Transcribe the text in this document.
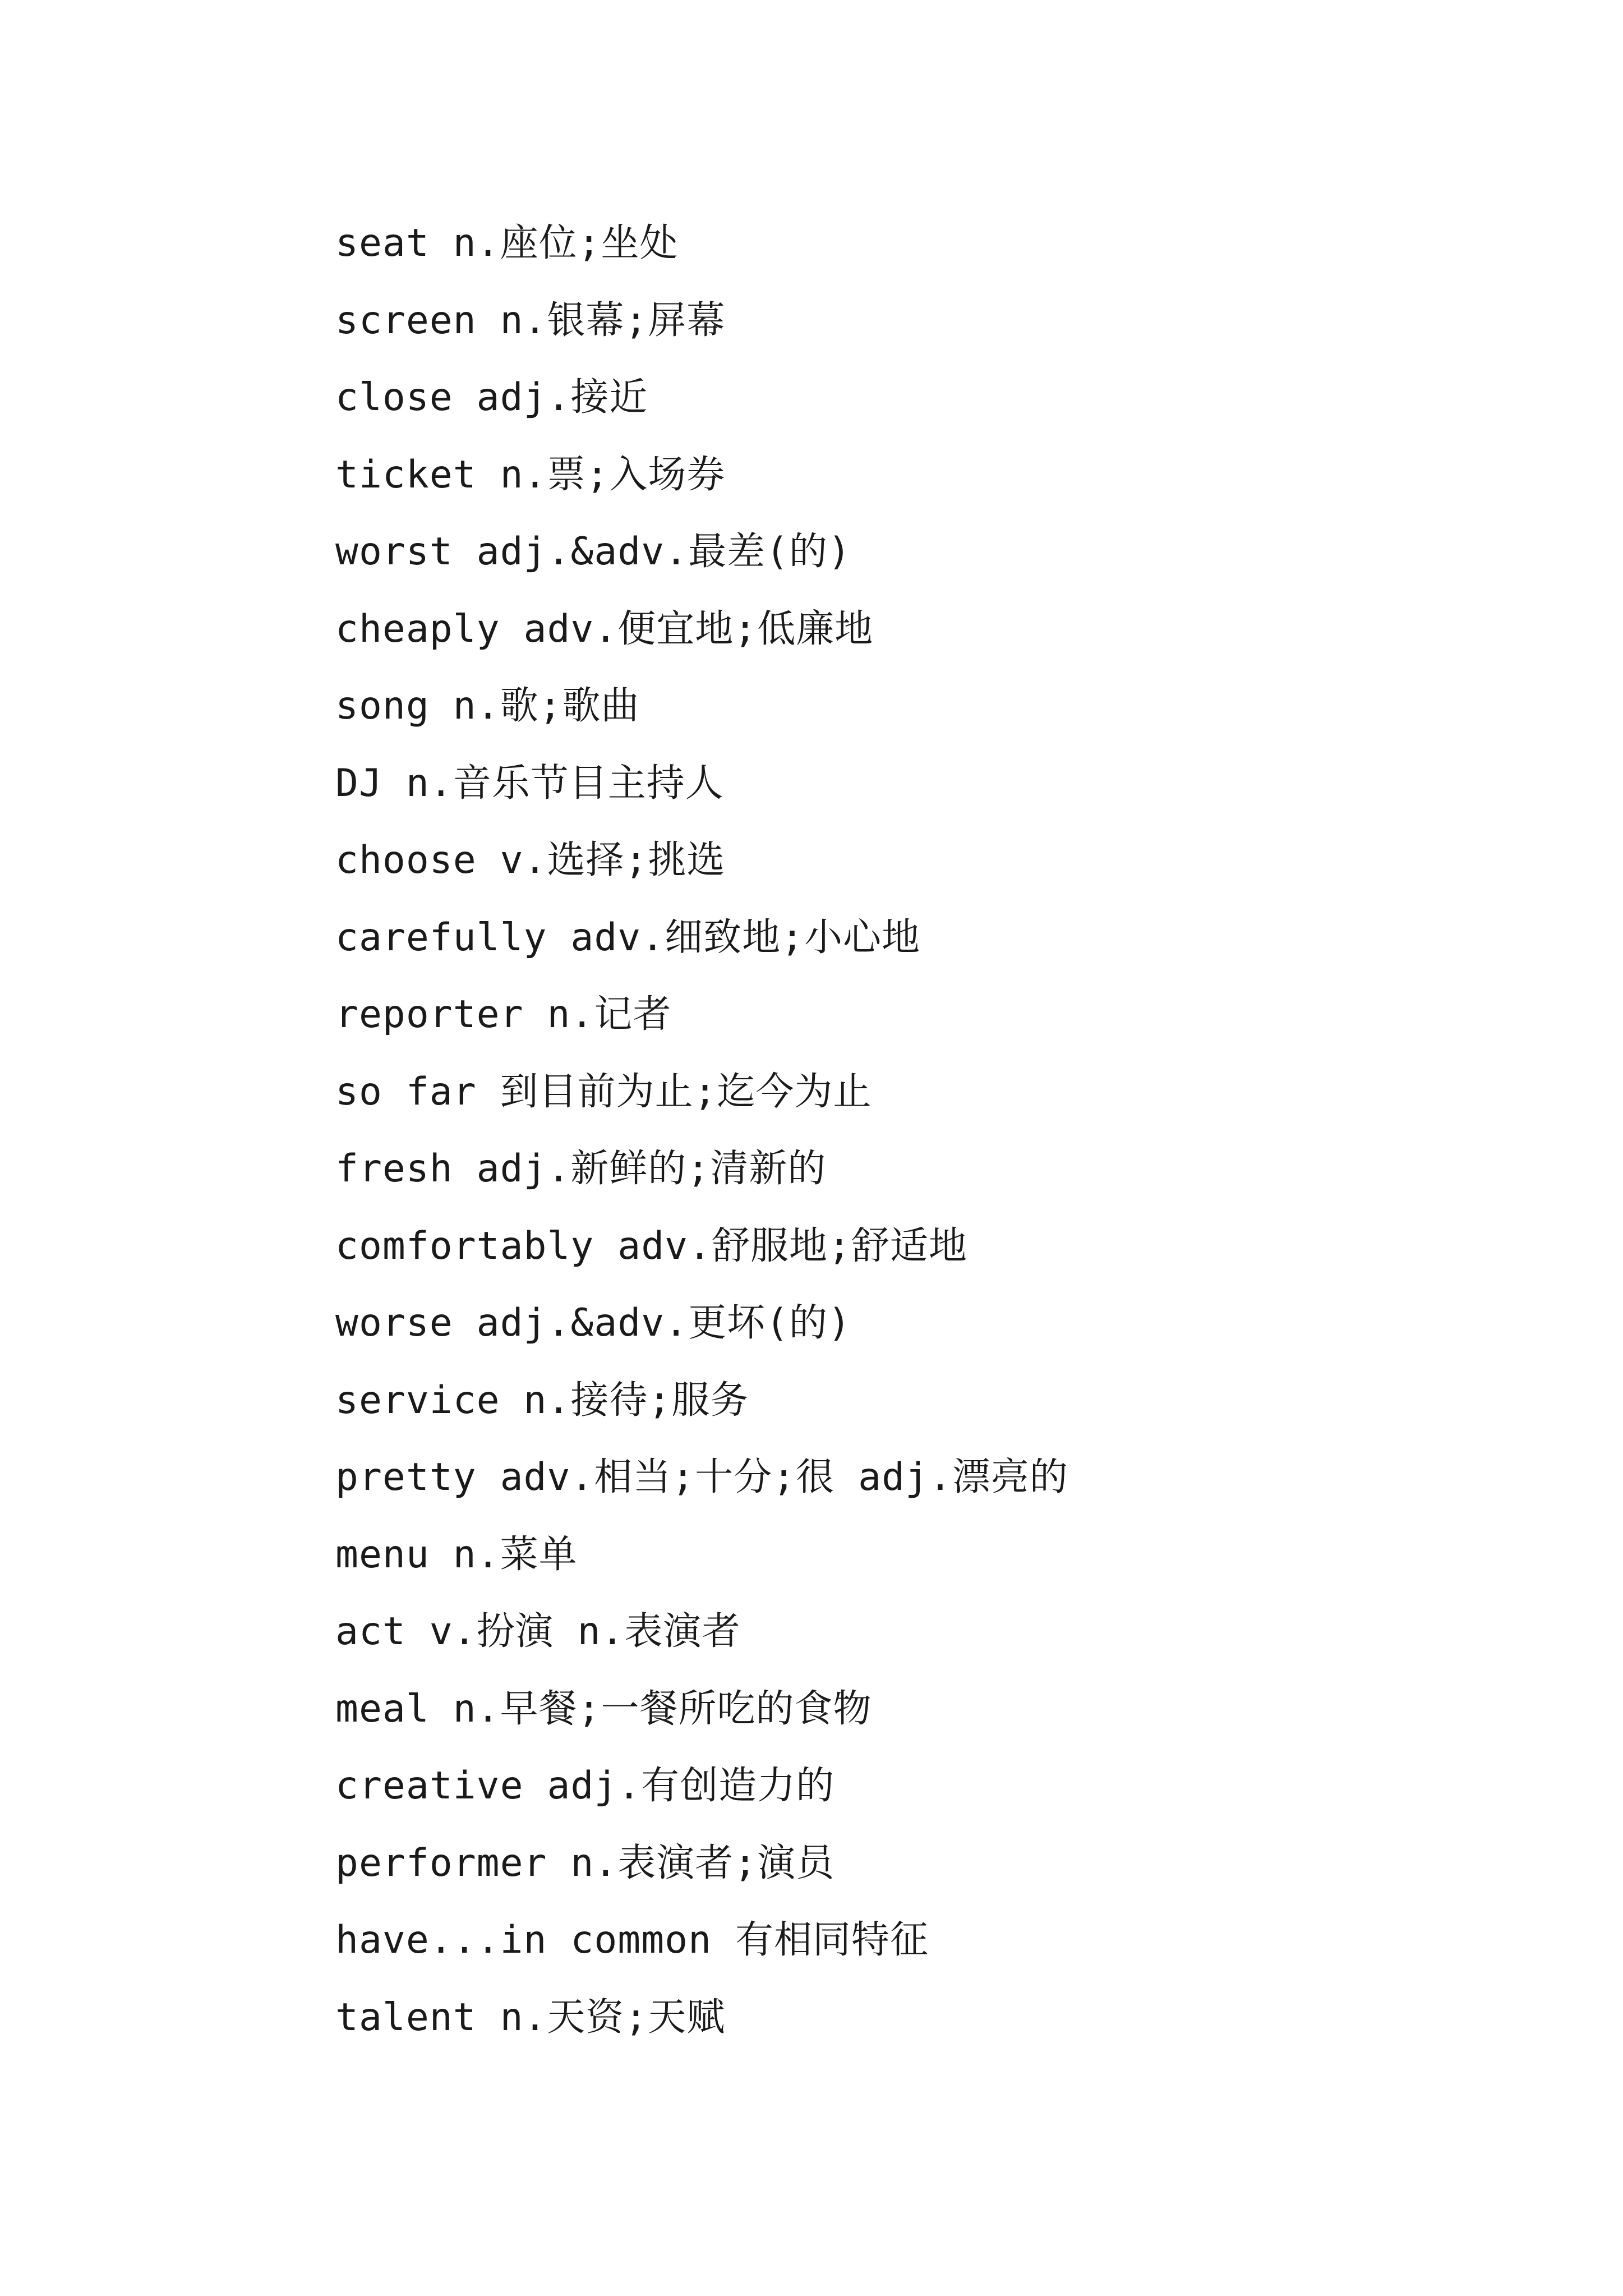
seat n.座位;坐处
screen n.银幕;屏幕
close adj.接近
ticket n.票;入场券
worst adj.&adv.最差(的)
cheaply adv.便宜地;低廉地
song n.歌;歌曲
DJ n.音乐节目主持人
choose v.选择;挑选
carefully adv.细致地;小心地
reporter n.记者
so far 到目前为止;迄今为止
fresh adj.新鲜的;清新的
comfortably adv.舒服地;舒适地
worse adj.&adv.更坏(的)
service n.接待;服务
pretty adv.相当;十分;很 adj.漂亮的
menu n.菜单
act v.扮演 n.表演者
meal n.早餐;一餐所吃的食物
creative adj.有创造力的
performer n.表演者;演员
have...in common 有相同特征
talent n.天资;天赋
